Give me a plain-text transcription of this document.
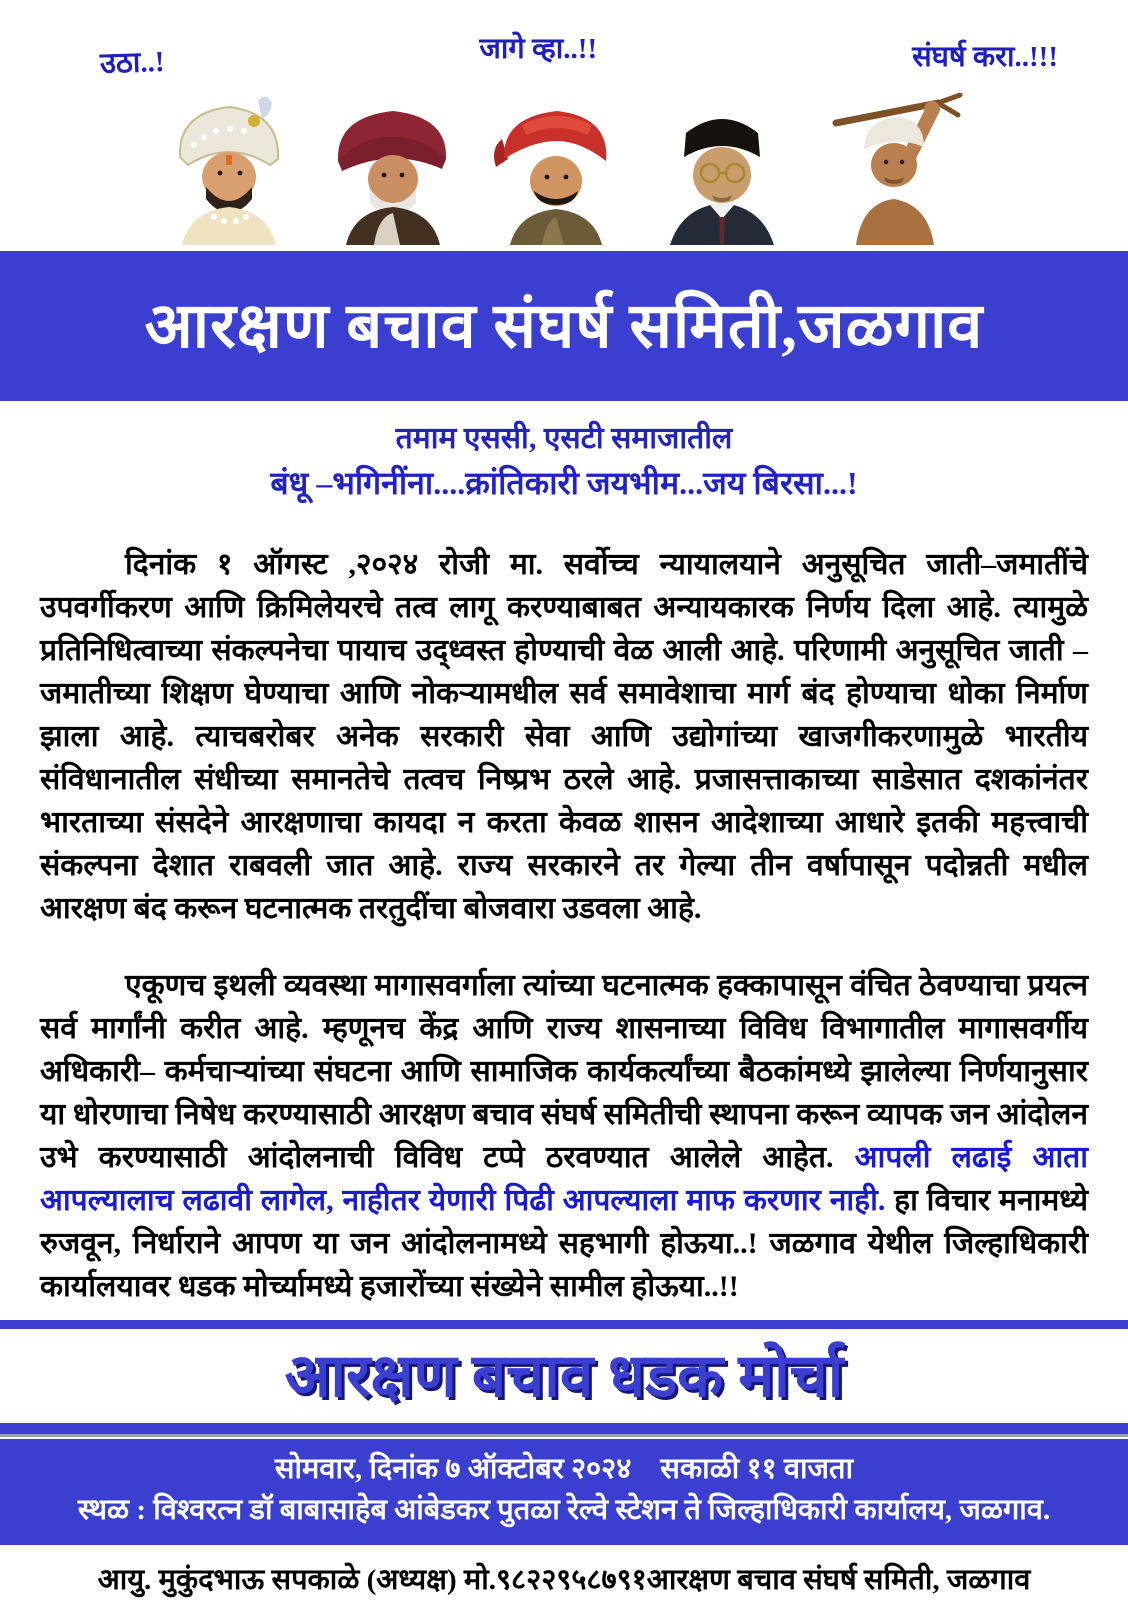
उठा..!	जागे व्हा..!!	संघर्ष करा..!!!
आरक्षण बचाव संघर्ष समिती,जळगाव
तमाम एससी, एसटी समाजातील
बंधू –भगिनींना....क्रांतिकारी जयभीम...जय बिरसा...!

दिनांक १ ऑगस्ट ,२०२४ रोजी मा. सर्वोच्च न्यायालयाने अनुसूचित जाती–जमातींचे उपवर्गीकरण आणि क्रिमिलेयरचे तत्व लागू करण्याबाबत अन्यायकारक निर्णय दिला आहे. त्यामुळे प्रतिनिधित्वाच्या संकल्पनेचा पायाच उद्ध्वस्त होण्याची वेळ आली आहे. परिणामी अनुसूचित जाती – जमातीच्या शिक्षण घेण्याचा आणि नोकऱ्यामधील सर्व समावेशाचा मार्ग बंद होण्याचा धोका निर्माण झाला आहे. त्याचबरोबर अनेक सरकारी सेवा आणि उद्योगांच्या खाजगीकरणामुळे भारतीय संविधानातील संधीच्या समानतेचे तत्वच निष्प्रभ ठरले आहे. प्रजासत्ताकाच्या साडेसात दशकांनंतर भारताच्या संसदेने आरक्षणाचा कायदा न करता केवळ शासन आदेशाच्या आधारे इतकी महत्त्वाची संकल्पना देशात राबवली जात आहे. राज्य सरकारने तर गेल्या तीन वर्षापासून पदोन्नती मधील आरक्षण बंद करून घटनात्मक तरतुदींचा बोजवारा उडवला आहे.

एकूणच इथली व्यवस्था मागासवर्गाला त्यांच्या घटनात्मक हक्कापासून वंचित ठेवण्याचा प्रयत्न सर्व मार्गांनी करीत आहे. म्हणूनच केंद्र आणि राज्य शासनाच्या विविध विभागातील मागासवर्गीय अधिकारी– कर्मचाऱ्यांच्या संघटना आणि सामाजिक कार्यकर्त्यांच्या बैठकांमध्ये झालेल्या निर्णयानुसार या धोरणाचा निषेध करण्यासाठी आरक्षण बचाव संघर्ष समितीची स्थापना करून व्यापक जन आंदोलन उभे करण्यासाठी आंदोलनाची विविध टप्पे ठरवण्यात आलेले आहेत. आपली लढाई आता आपल्यालाच लढावी लागेल, नाहीतर येणारी पिढी आपल्याला माफ करणार नाही. हा विचार मनामध्ये रुजवून, निर्धाराने आपण या जन आंदोलनामध्ये सहभागी होऊया..! जळगाव येथील जिल्हाधिकारी कार्यालयावर धडक मोर्च्यामध्ये हजारोंच्या संख्येने सामील होऊया..!!

आरक्षण बचाव धडक मोर्चा
सोमवार, दिनांक ७ ऑक्टोबर २०२४    सकाळी ११ वाजता
स्थळ : विश्वरत्न डॉ बाबासाहेब आंबेडकर पुतळा रेल्वे स्टेशन ते जिल्हाधिकारी कार्यालय, जळगाव.
आयु. मुकुंदभाऊ सपकाळे (अध्यक्ष) मो.९८२२९५८७९१आरक्षण बचाव संघर्ष समिती, जळगाव
